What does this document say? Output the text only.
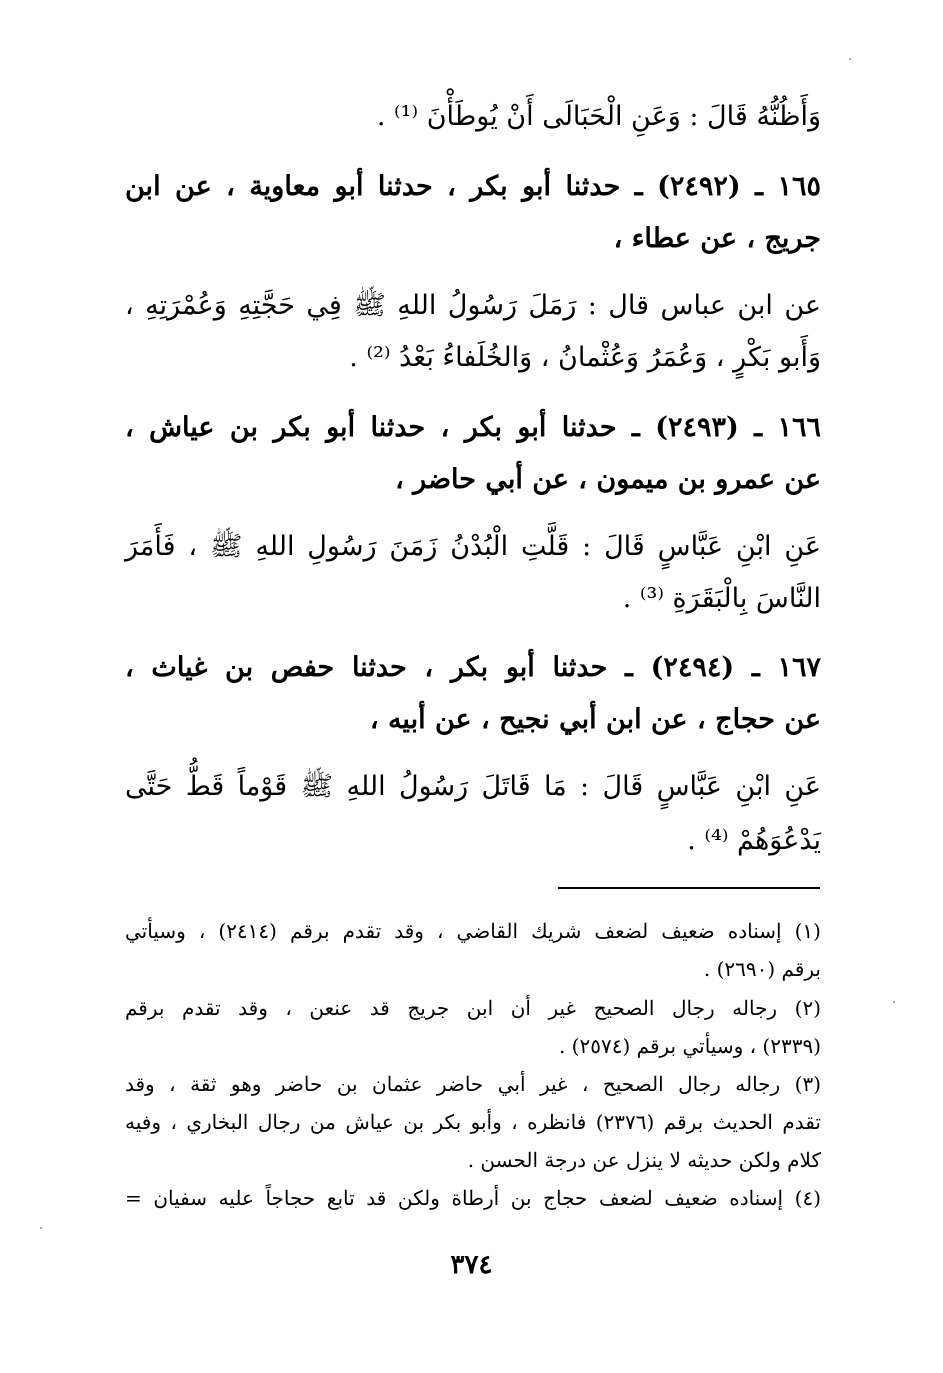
وَأَظُنُّهُ قَالَ : وَعَنِ الْحَبَالَى أَنْ يُوطَأْنَ ⁽¹⁾ .
١٦٥ ـ (٢٤٩٢) ـ حدثنا أبو بكر ، حدثنا أبو معاوية ، عن ابن
جريج ، عن عطاء ،
عن ابن عباس قال : رَمَلَ رَسُولُ اللهِ ﷺ فِي حَجَّتِهِ وَعُمْرَتِهِ ،
وَأَبو بَكْرٍ ، وَعُمَرُ وَعُثْمانُ ، وَالخُلَفاءُ بَعْدُ ⁽²⁾ .
١٦٦ ـ (٢٤٩٣) ـ حدثنا أبو بكر ، حدثنا أبو بكر بن عياش ،
عن عمرو بن ميمون ، عن أبي حاضر ،
عَنِ ابْنِ عَبَّاسٍ قَالَ : قَلَّتِ الْبُدْنُ زَمَنَ رَسُولِ اللهِ ﷺ ، فَأَمَرَ
النَّاسَ بِالْبَقَرَةِ ⁽³⁾ .
١٦٧ ـ (٢٤٩٤) ـ حدثنا أبو بكر ، حدثنا حفص بن غياث ،
عن حجاج ، عن ابن أبي نجيح ، عن أبيه ،
عَنِ ابْنِ عَبَّاسٍ قَالَ : مَا قَاتَلَ رَسُولُ اللهِ ﷺ قَوْماً قَطُّ حَتَّى
يَدْعُوَهُمْ ⁽⁴⁾ .
(١) إسناده ضعيف لضعف شريك القاضي ، وقد تقدم برقم (٢٤١٤) ، وسيأتي
برقم (٢٦٩٠) .
(٢) رجاله رجال الصحيح غير أن ابن جريج قد عنعن ، وقد تقدم برقم
(٢٣٣٩) ، وسيأتي برقم (٢٥٧٤) .
(٣) رجاله رجال الصحيح ، غير أبي حاضر عثمان بن حاضر وهو ثقة ، وقد
تقدم الحديث برقم (٢٣٧٦) فانظره ، وأبو بكر بن عياش من رجال البخاري ، وفيه
كلام ولكن حديثه لا ينزل عن درجة الحسن .
(٤) إسناده ضعيف لضعف حجاج بن أرطاة ولكن قد تابع حجاجاً عليه سفيان =
٣٧٤
